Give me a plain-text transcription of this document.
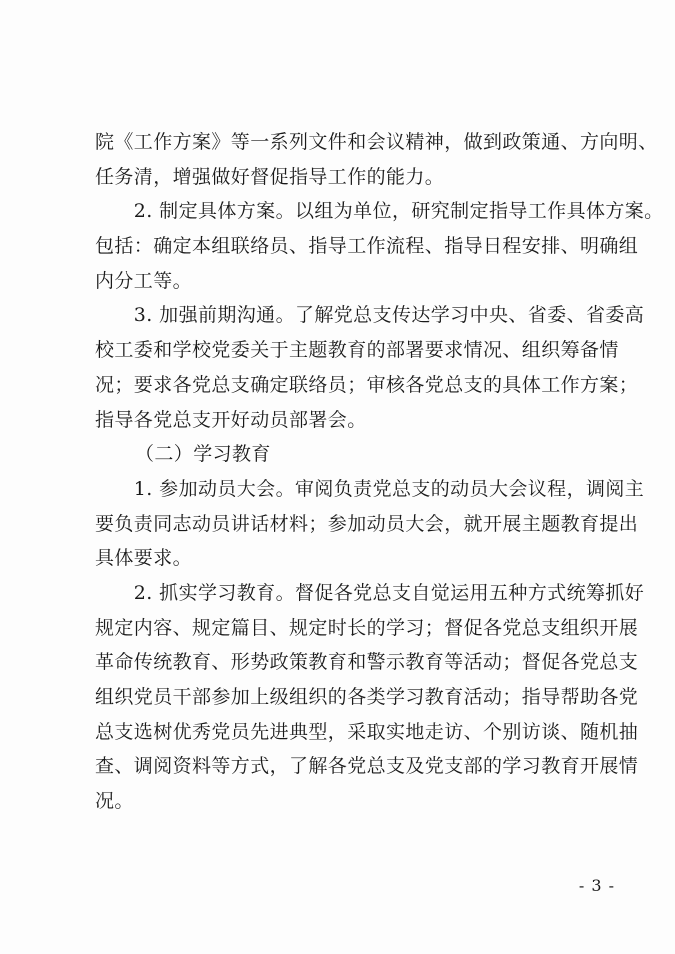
院《工作方案》等一系列文件和会议精神，做到政策通、方向明、
任务清，增强做好督促指导工作的能力。
　　2. 制定具体方案。以组为单位，研究制定指导工作具体方案。
包括：确定本组联络员、指导工作流程、指导日程安排、明确组
内分工等。
　　3. 加强前期沟通。了解党总支传达学习中央、省委、省委高
校工委和学校党委关于主题教育的部署要求情况、组织筹备情
况；要求各党总支确定联络员；审核各党总支的具体工作方案；
指导各党总支开好动员部署会。
（二）学习教育
　　1. 参加动员大会。审阅负责党总支的动员大会议程，调阅主
要负责同志动员讲话材料；参加动员大会，就开展主题教育提出
具体要求。
　　2. 抓实学习教育。督促各党总支自觉运用五种方式统筹抓好
规定内容、规定篇目、规定时长的学习；督促各党总支组织开展
革命传统教育、形势政策教育和警示教育等活动；督促各党总支
组织党员干部参加上级组织的各类学习教育活动；指导帮助各党
总支选树优秀党员先进典型，采取实地走访、个别访谈、随机抽
查、调阅资料等方式，了解各党总支及党支部的学习教育开展情
况。
- 3 -
